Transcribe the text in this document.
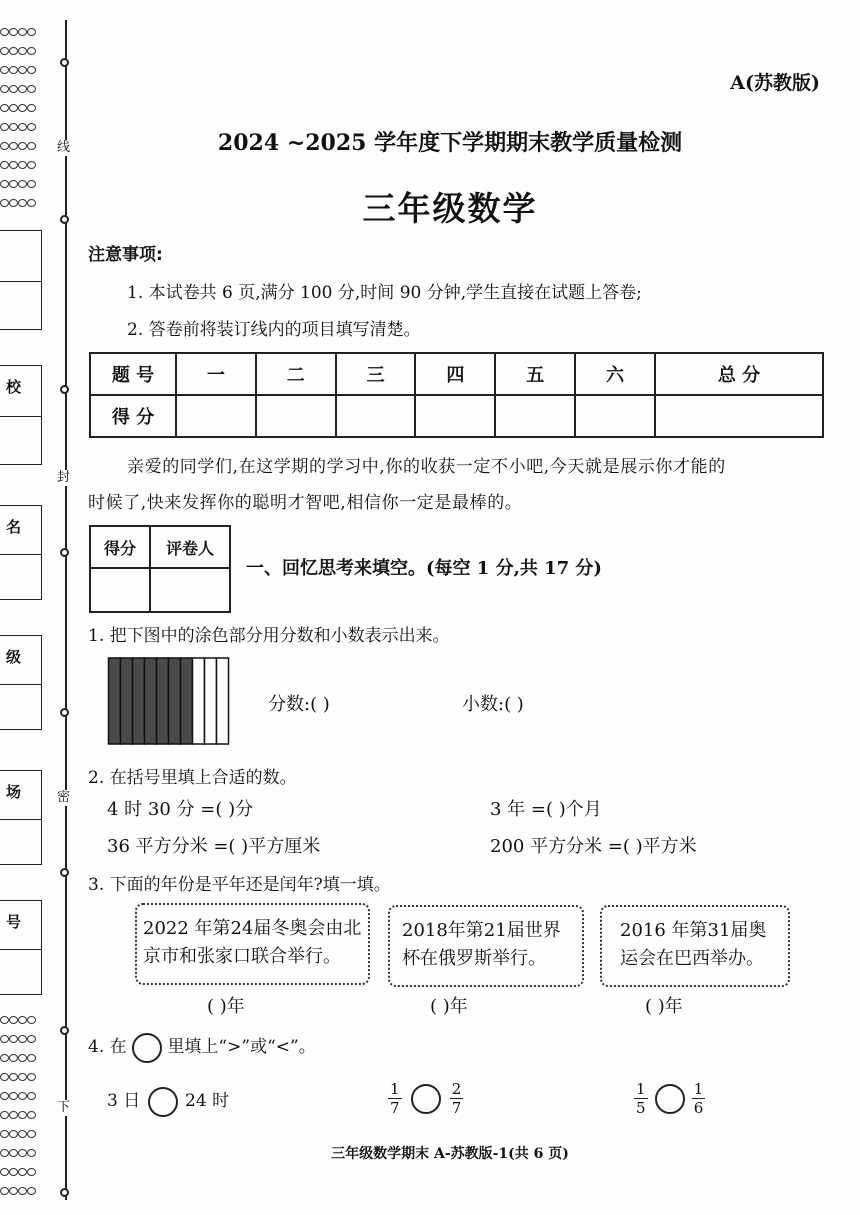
线
封
密
下
校
名
级
场
号
A(苏教版)
2024 ~2025 学年度下学期期末教学质量检测
三年级数学
注意事项:
1. 本试卷共 6 页,满分 100 分,时间 90 分钟,学生直接在试题上答卷;
2. 答卷前将装订线内的项目填写清楚。
题 号	一	二	三	四	五	六	总 分
得 分							
亲爱的同学们,在这学期的学习中,你的收获一定不小吧,今天就是展示你才能的
时候了,快来发挥你的聪明才智吧,相信你一定是最棒的。
得分	评卷人

一、回忆思考来填空。(每空 1 分,共 17 分)
1. 把下图中的涂色部分用分数和小数表示出来。
分数:( )	小数:( )
2. 在括号里填上合适的数。
4 时 30 分 =( )分	3 年 =( )个月
36 平方分米 =( )平方厘米	200 平方分米 =( )平方米
3. 下面的年份是平年还是闰年?填一填。
2022 年第24届冬奥会由北
京市和张家口联合举行。
2018年第21届世界
杯在俄罗斯举行。
2016 年第31届奥
运会在巴西举办。
( )年	( )年	( )年
4. 在 里填上“>”或“<”。
3 日	24 时	$\frac{1}{7}$
	$\frac{2}{7}$	$\frac{1}{5}$
	$\frac{1}{6}$
三年级数学期末 A-苏教版-1(共 6 页)
